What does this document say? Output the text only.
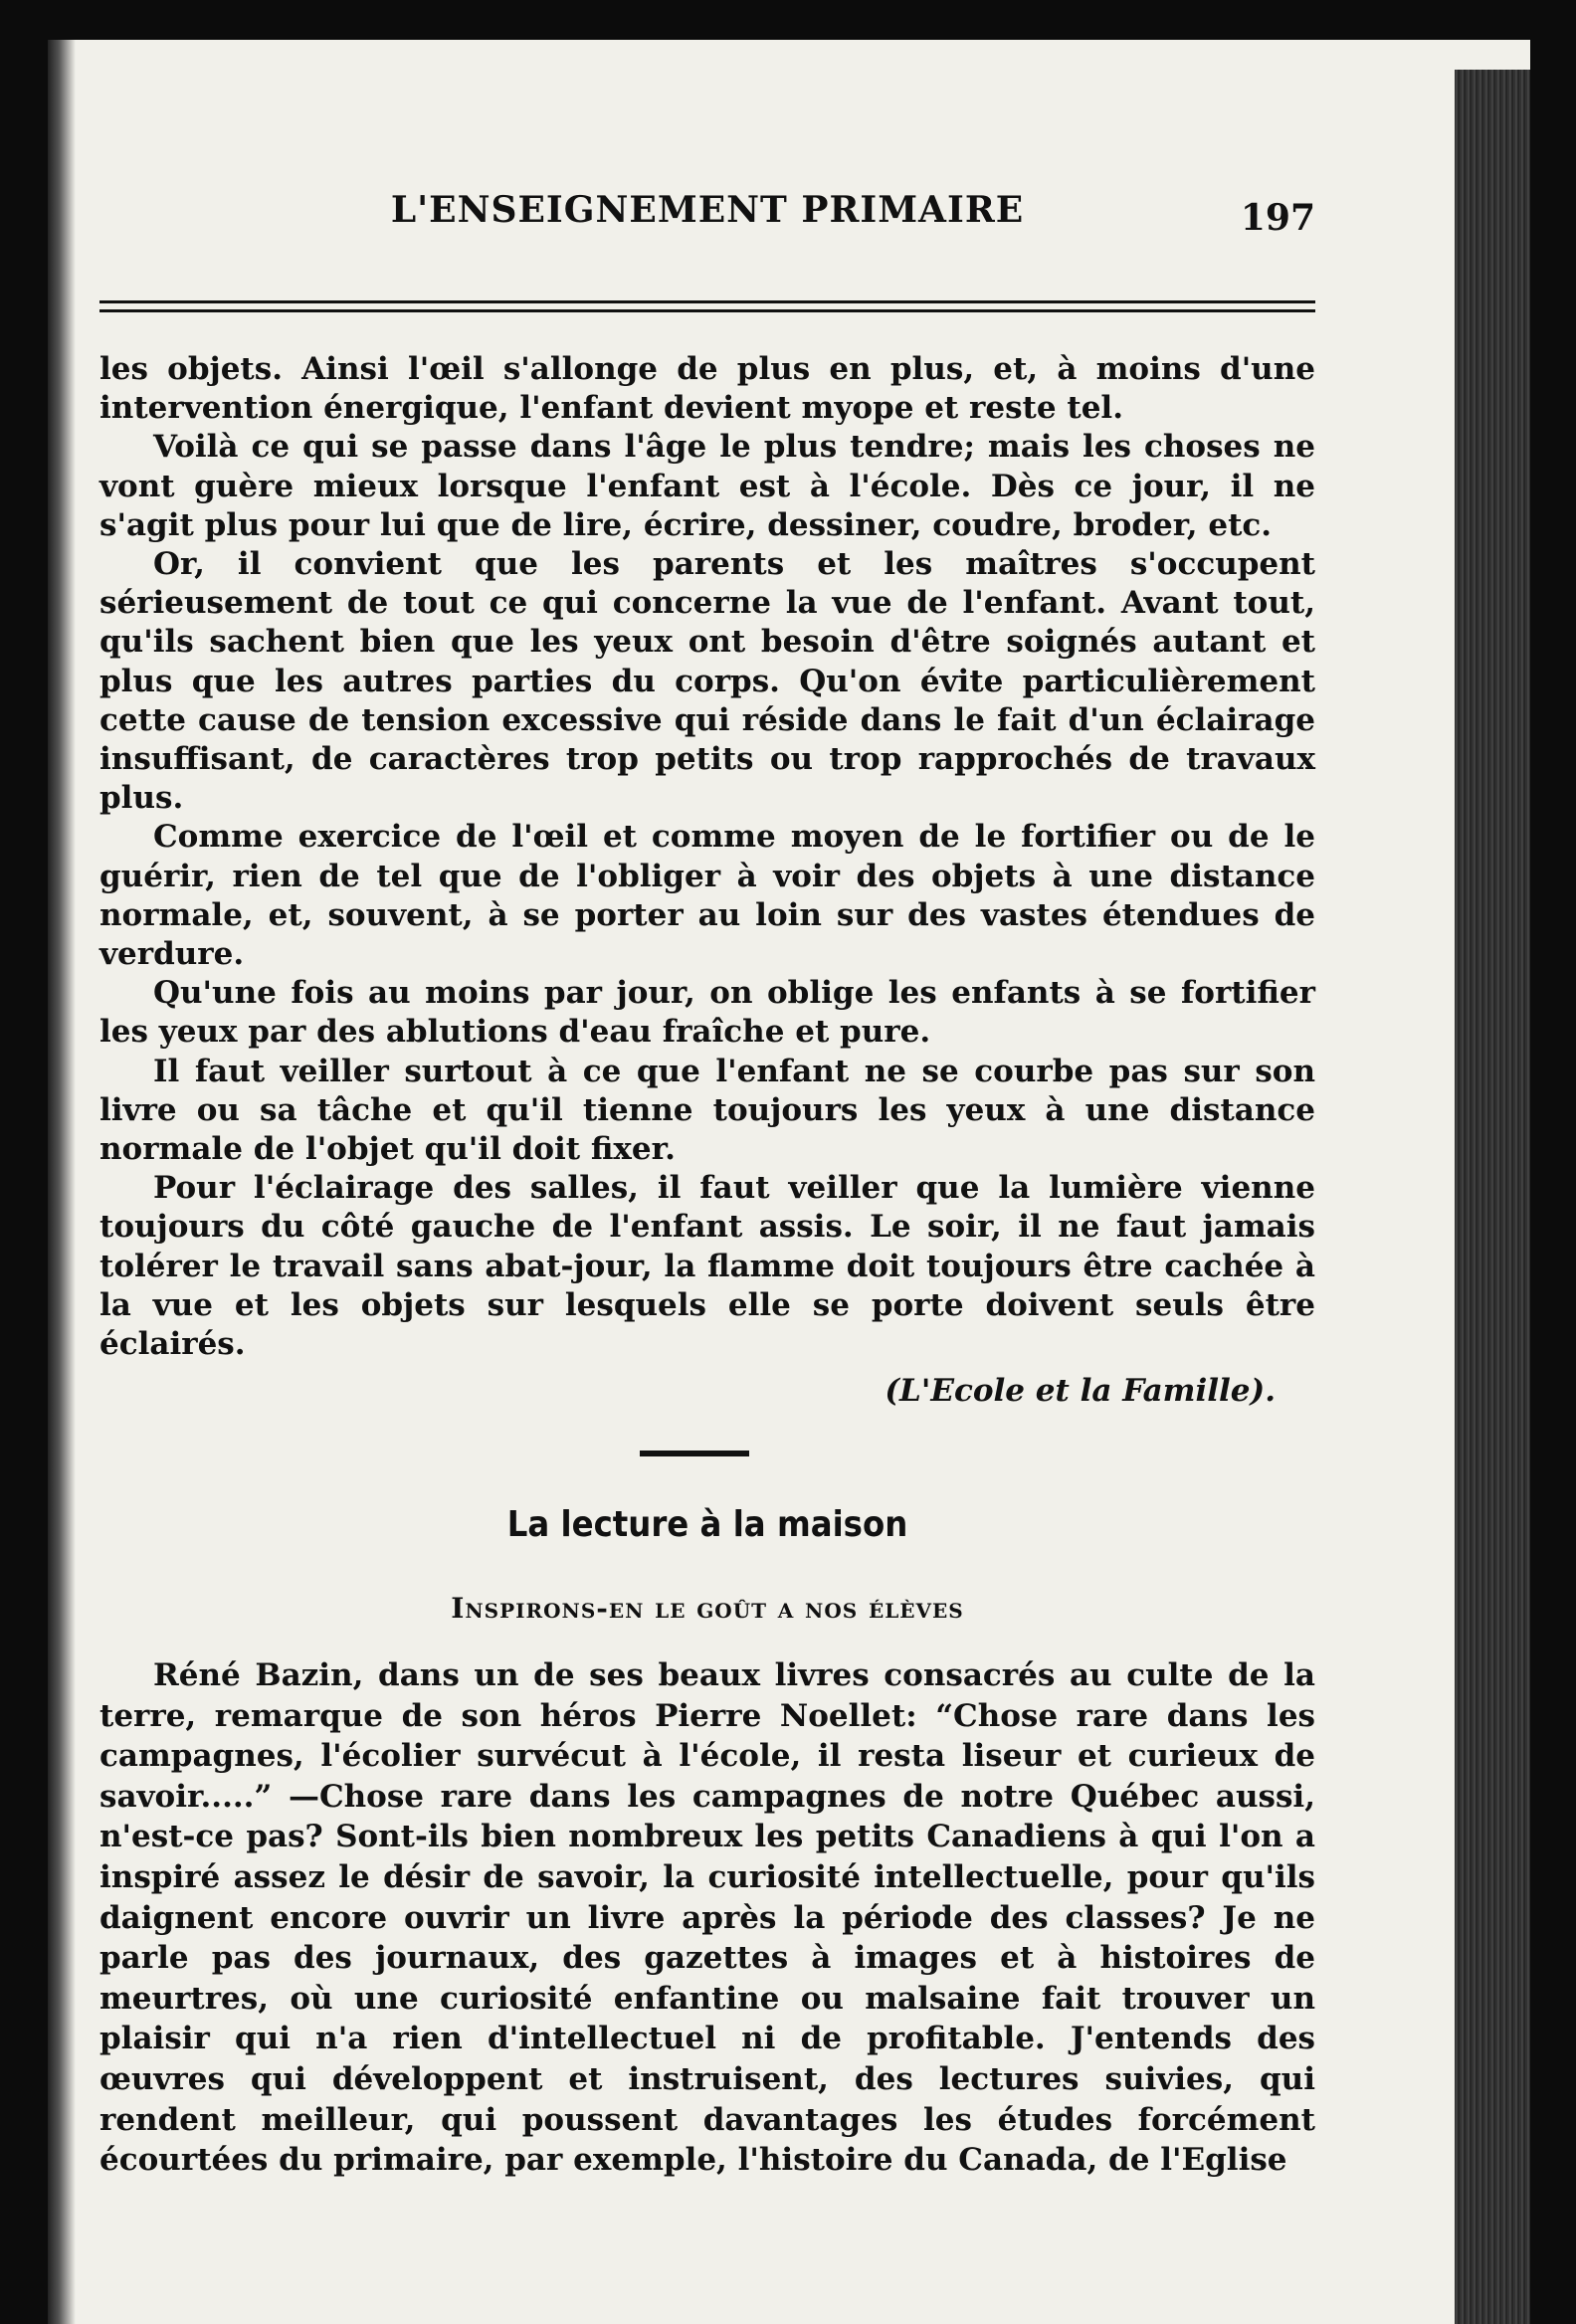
L'ENSEIGNEMENT PRIMAIRE	197

les objets. Ainsi l'œil s'allonge de plus en plus, et, à moins d'une intervention énergique, l'enfant devient myope et reste tel.

Voilà ce qui se passe dans l'âge le plus tendre; mais les choses ne vont guère mieux lorsque l'enfant est à l'école. Dès ce jour, il ne s'agit plus pour lui que de lire, écrire, dessiner, coudre, broder, etc.

Or, il convient que les parents et les maîtres s'occupent sérieusement de tout ce qui concerne la vue de l'enfant. Avant tout, qu'ils sachent bien que les yeux ont besoin d'être soignés autant et plus que les autres parties du corps. Qu'on évite particulièrement cette cause de tension excessive qui réside dans le fait d'un éclairage insuffisant, de caractères trop petits ou trop rapprochés de travaux plus.

Comme exercice de l'œil et comme moyen de le fortifier ou de le guérir, rien de tel que de l'obliger à voir des objets à une distance normale, et, souvent, à se porter au loin sur des vastes étendues de verdure.

Qu'une fois au moins par jour, on oblige les enfants à se fortifier les yeux par des ablutions d'eau fraîche et pure.

Il faut veiller surtout à ce que l'enfant ne se courbe pas sur son livre ou sa tâche et qu'il tienne toujours les yeux à une distance normale de l'objet qu'il doit fixer.

Pour l'éclairage des salles, il faut veiller que la lumière vienne toujours du côté gauche de l'enfant assis. Le soir, il ne faut jamais tolérer le travail sans abat-jour, la flamme doit toujours être cachée à la vue et les objets sur lesquels elle se porte doivent seuls être éclairés.

(L'Ecole et la Famille).
La lecture à la maison
Inspirons-en le goût a nos élèves

Réné Bazin, dans un de ses beaux livres consacrés au culte de la terre, remarque de son héros Pierre Noellet: “Chose rare dans les campagnes, l'écolier survécut à l'école, il resta liseur et curieux de savoir.....” —Chose rare dans les campagnes de notre Québec aussi, n'est-ce pas? Sont-ils bien nombreux les petits Canadiens à qui l'on a inspiré assez le désir de savoir, la curiosité intellectuelle, pour qu'ils daignent encore ouvrir un livre après la période des classes? Je ne parle pas des journaux, des gazettes à images et à histoires de meurtres, où une curiosité enfantine ou malsaine fait trouver un plaisir qui n'a rien d'intellectuel ni de profitable. J'entends des œuvres qui développent et instruisent, des lectures suivies, qui rendent meilleur, qui poussent davantages les études forcément écourtées du primaire, par exemple, l'histoire du Canada, de l'Eglise
